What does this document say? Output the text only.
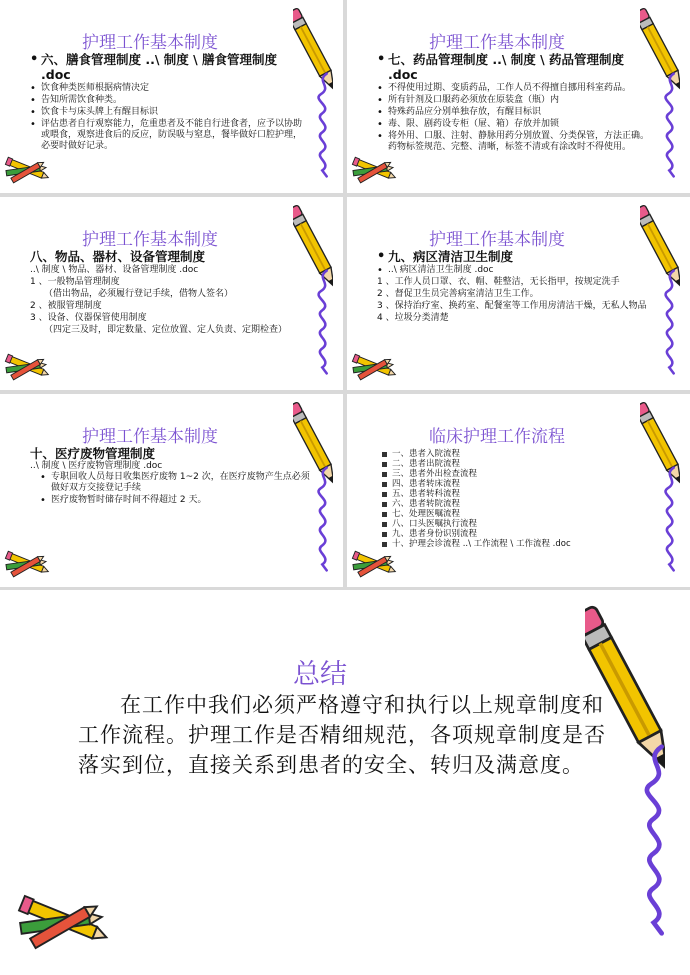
护理工作基本制度
• 六、膳食管理制度 ..\ 制度 \ 膳食管理制度 .doc
• 饮食种类医师根据病情决定
• 告知所需饮食种类。
• 饮食卡与床头牌上有醒目标识
• 评估患者自行观察能力，危重患者及不能自行进食者，应予以协助或喂食，观察进食后的反应，防误吸与窒息，餐毕做好口腔护理，必要时做好记录。
护理工作基本制度
• 七、药品管理制度 ..\ 制度 \ 药品管理制度 .doc
• 不得使用过期、变质药品，工作人员不得擅自挪用科室药品。
• 所有针剂及口服药必须放在原装盒（瓶）内
• 特殊药品应分别单独存放，有醒目标识
• 毒、限、剧药设专柜（屉、箱）存放并加锁
• 将外用、口服、注射、静脉用药分别放置、分类保管，方法正确。药物标签规范、完整、清晰，标签不清或有涂改时不得使用。
护理工作基本制度
八、物品、器材、设备管理制度
..\ 制度 \ 物品、器材、设备管理制度 .doc
1 、一般物品管理制度
（借出物品，必须履行登记手续，借物人签名）
2 、被服管理制度
3 、设备、仪器保管使用制度
（四定三及时，即定数量、定位放置、定人负责、定期检查）
护理工作基本制度
• 九、病区清洁卫生制度
• ..\ 病区清洁卫生制度 .doc
1 、工作人员口罩、衣、帽、鞋整洁，无长指甲，按规定洗手
2 、督促卫生员完善病室清洁卫生工作。
3 、保持治疗室、换药室、配餐室等工作用房清洁干燥，无私人物品
4 、垃圾分类清楚
护理工作基本制度
十、医疗废物管理制度
..\ 制度 \ 医疗废物管理制度 .doc
• 专职回收人员每日收集医疗废物 1~2 次，在医疗废物产生点必须做好双方交接登记手续
• 医疗废物暂时储存时间不得超过 2 天。
临床护理工作流程
一、患者入院流程
二、患者出院流程
三、患者外出检查流程
四、患者转床流程
五、患者转科流程
六、患者转院流程
七、处理医嘱流程
八、口头医嘱执行流程
九、患者身份识别流程
十、护理会诊流程 ..\ 工作流程 \ 工作流程 .doc
总结
在工作中我们必须严格遵守和执行以上规章制度和工作流程。护理工作是否精细规范，各项规章制度是否落实到位，直接关系到患者的安全、转归及满意度。
